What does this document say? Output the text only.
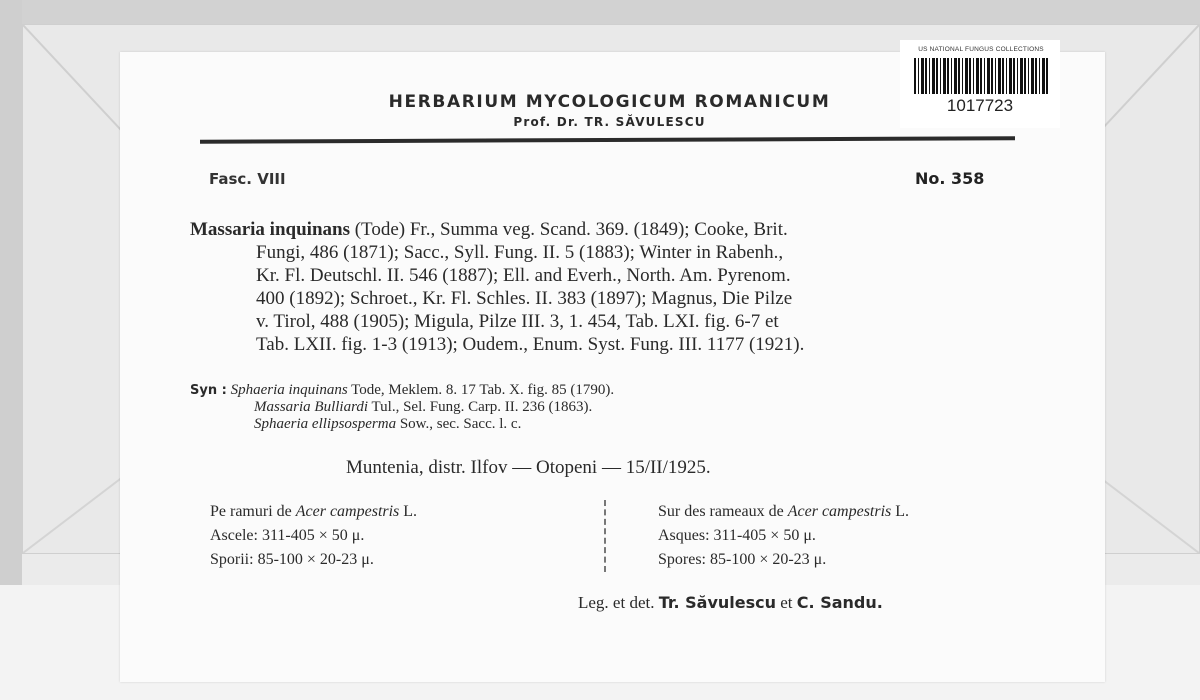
US NATIONAL FUNGUS COLLECTIONS
1017723
HERBARIUM MYCOLOGICUM ROMANICUM
Prof. Dr. TR. SĂVULESCU
Fasc. VIII	No. 358
Massaria inquinans (Tode) Fr., Summa veg. Scand. 369. (1849); Cooke, Brit.
Fungi, 486 (1871); Sacc., Syll. Fung. II. 5 (1883); Winter in Rabenh.,
Kr. Fl. Deutschl. II. 546 (1887); Ell. and Everh., North. Am. Pyrenom.
400 (1892); Schroet., Kr. Fl. Schles. II. 383 (1897); Magnus, Die Pilze
v. Tirol, 488 (1905); Migula, Pilze III. 3, 1. 454, Tab. LXI. fig. 6-7 et
Tab. LXII. fig. 1-3 (1913); Oudem., Enum. Syst. Fung. III. 1177 (1921).
Syn : Sphaeria inquinans Tode, Meklem. 8. 17 Tab. X. fig. 85 (1790).
Massaria Bulliardi Tul., Sel. Fung. Carp. II. 236 (1863).
Sphaeria ellipsosperma Sow., sec. Sacc. l. c.
Muntenia, distr. Ilfov — Otopeni — 15/II/1925.
Pe ramuri de Acer campestris L.
Ascele: 311-405 × 50 μ.
Sporii: 85-100 × 20-23 μ.
Sur des rameaux de Acer campestris L.
Asques: 311-405 × 50 μ.
Spores: 85-100 × 20-23 μ.
Leg. et det. Tr. Săvulescu et C. Sandu.
